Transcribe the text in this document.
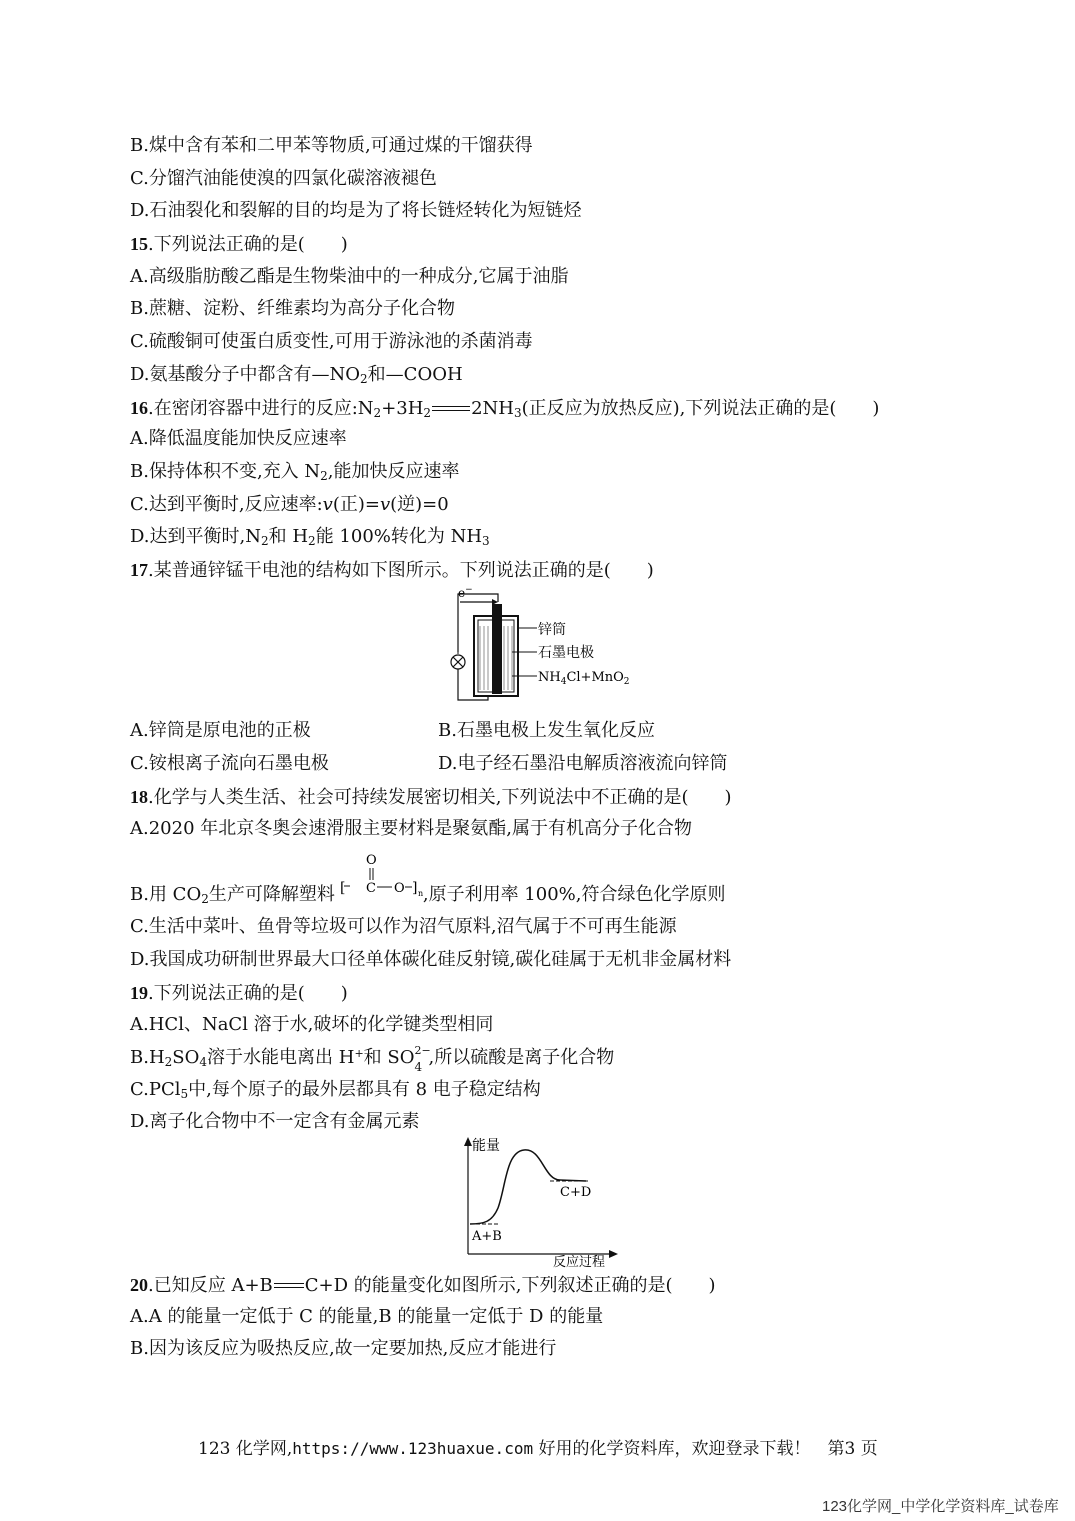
B.煤中含有苯和二甲苯等物质,可通过煤的干馏获得
C.分馏汽油能使溴的四氯化碳溶液褪色
D.石油裂化和裂解的目的均是为了将长链烃转化为短链烃
15.下列说法正确的是(　　)
A.高级脂肪酸乙酯是生物柴油中的一种成分,它属于油脂
B.蔗糖、淀粉、纤维素均为高分子化合物
C.硫酸铜可使蛋白质变性,可用于游泳池的杀菌消毒
D.氨基酸分子中都含有$—NO_2$和—COOH
16.在密闭容器中进行的反应$:N_2+3H_2$ $2NH_3$(正反应为放热反应),下列说法正确的是(　　)
A.降低温度能加快反应速率
B.保持体积不变,充入 $N_2$,能加快反应速率
C.达到平衡时,反应速率:v(正)=v(逆)=0
D.达到平衡时$,N_2$和 $H_2$能 100%转化为 $NH_3$
17.某普通锌锰干电池的结构如下图所示。下列说法正确的是(　　)
e−
锌筒
石墨电极
$NH_4Cl+MnO_2$
A.锌筒是原电池的正极	B.石墨电极上发生氧化反应
C.铵根离子流向石墨电极	D.电子经石墨沿电解质溶液流向锌筒
18.化学与人类生活、社会可持续发展密切相关,下列说法中不正确的是(　　)
A.2020 年北京冬奥会速滑服主要材料是聚氨酯,属于有机高分子化合物
B.用 $CO_2$生产可降解塑料	,原子利用率 100%,符合绿色化学原则
O
[ C O ] n
C.生活中菜叶、鱼骨等垃圾可以作为沼气原料,沼气属于不可再生能源
D.我国成功研制世界最大口径单体碳化硅反射镜,碳化硅属于无机非金属材料
19.下列说法正确的是(　　)
A.HCl、NaCl 溶于水,破坏的化学键类型相同
$B.H_2SO_4$溶于水能电离出 H+和 SO 2−
4 ,所以硫酸是离子化合物
C.PCl$_5$中,每个原子的最外层都具有 8 电子稳定结构
D.离子化合物中不一定含有金属元素
能量
C+D
A+B
反应过程
20.已知反应 A+B C+D 的能量变化如图所示,下列叙述正确的是(　　)
A.A 的能量一定低于 C 的能量,B 的能量一定低于 D 的能量
B.因为该反应为吸热反应,故一定要加热,反应才能进行
123 化学网,https://www.123huaxue.com 好用的化学资料库，欢迎登录下载！　第3 页
123化学网_中学化学资料库_试卷库
